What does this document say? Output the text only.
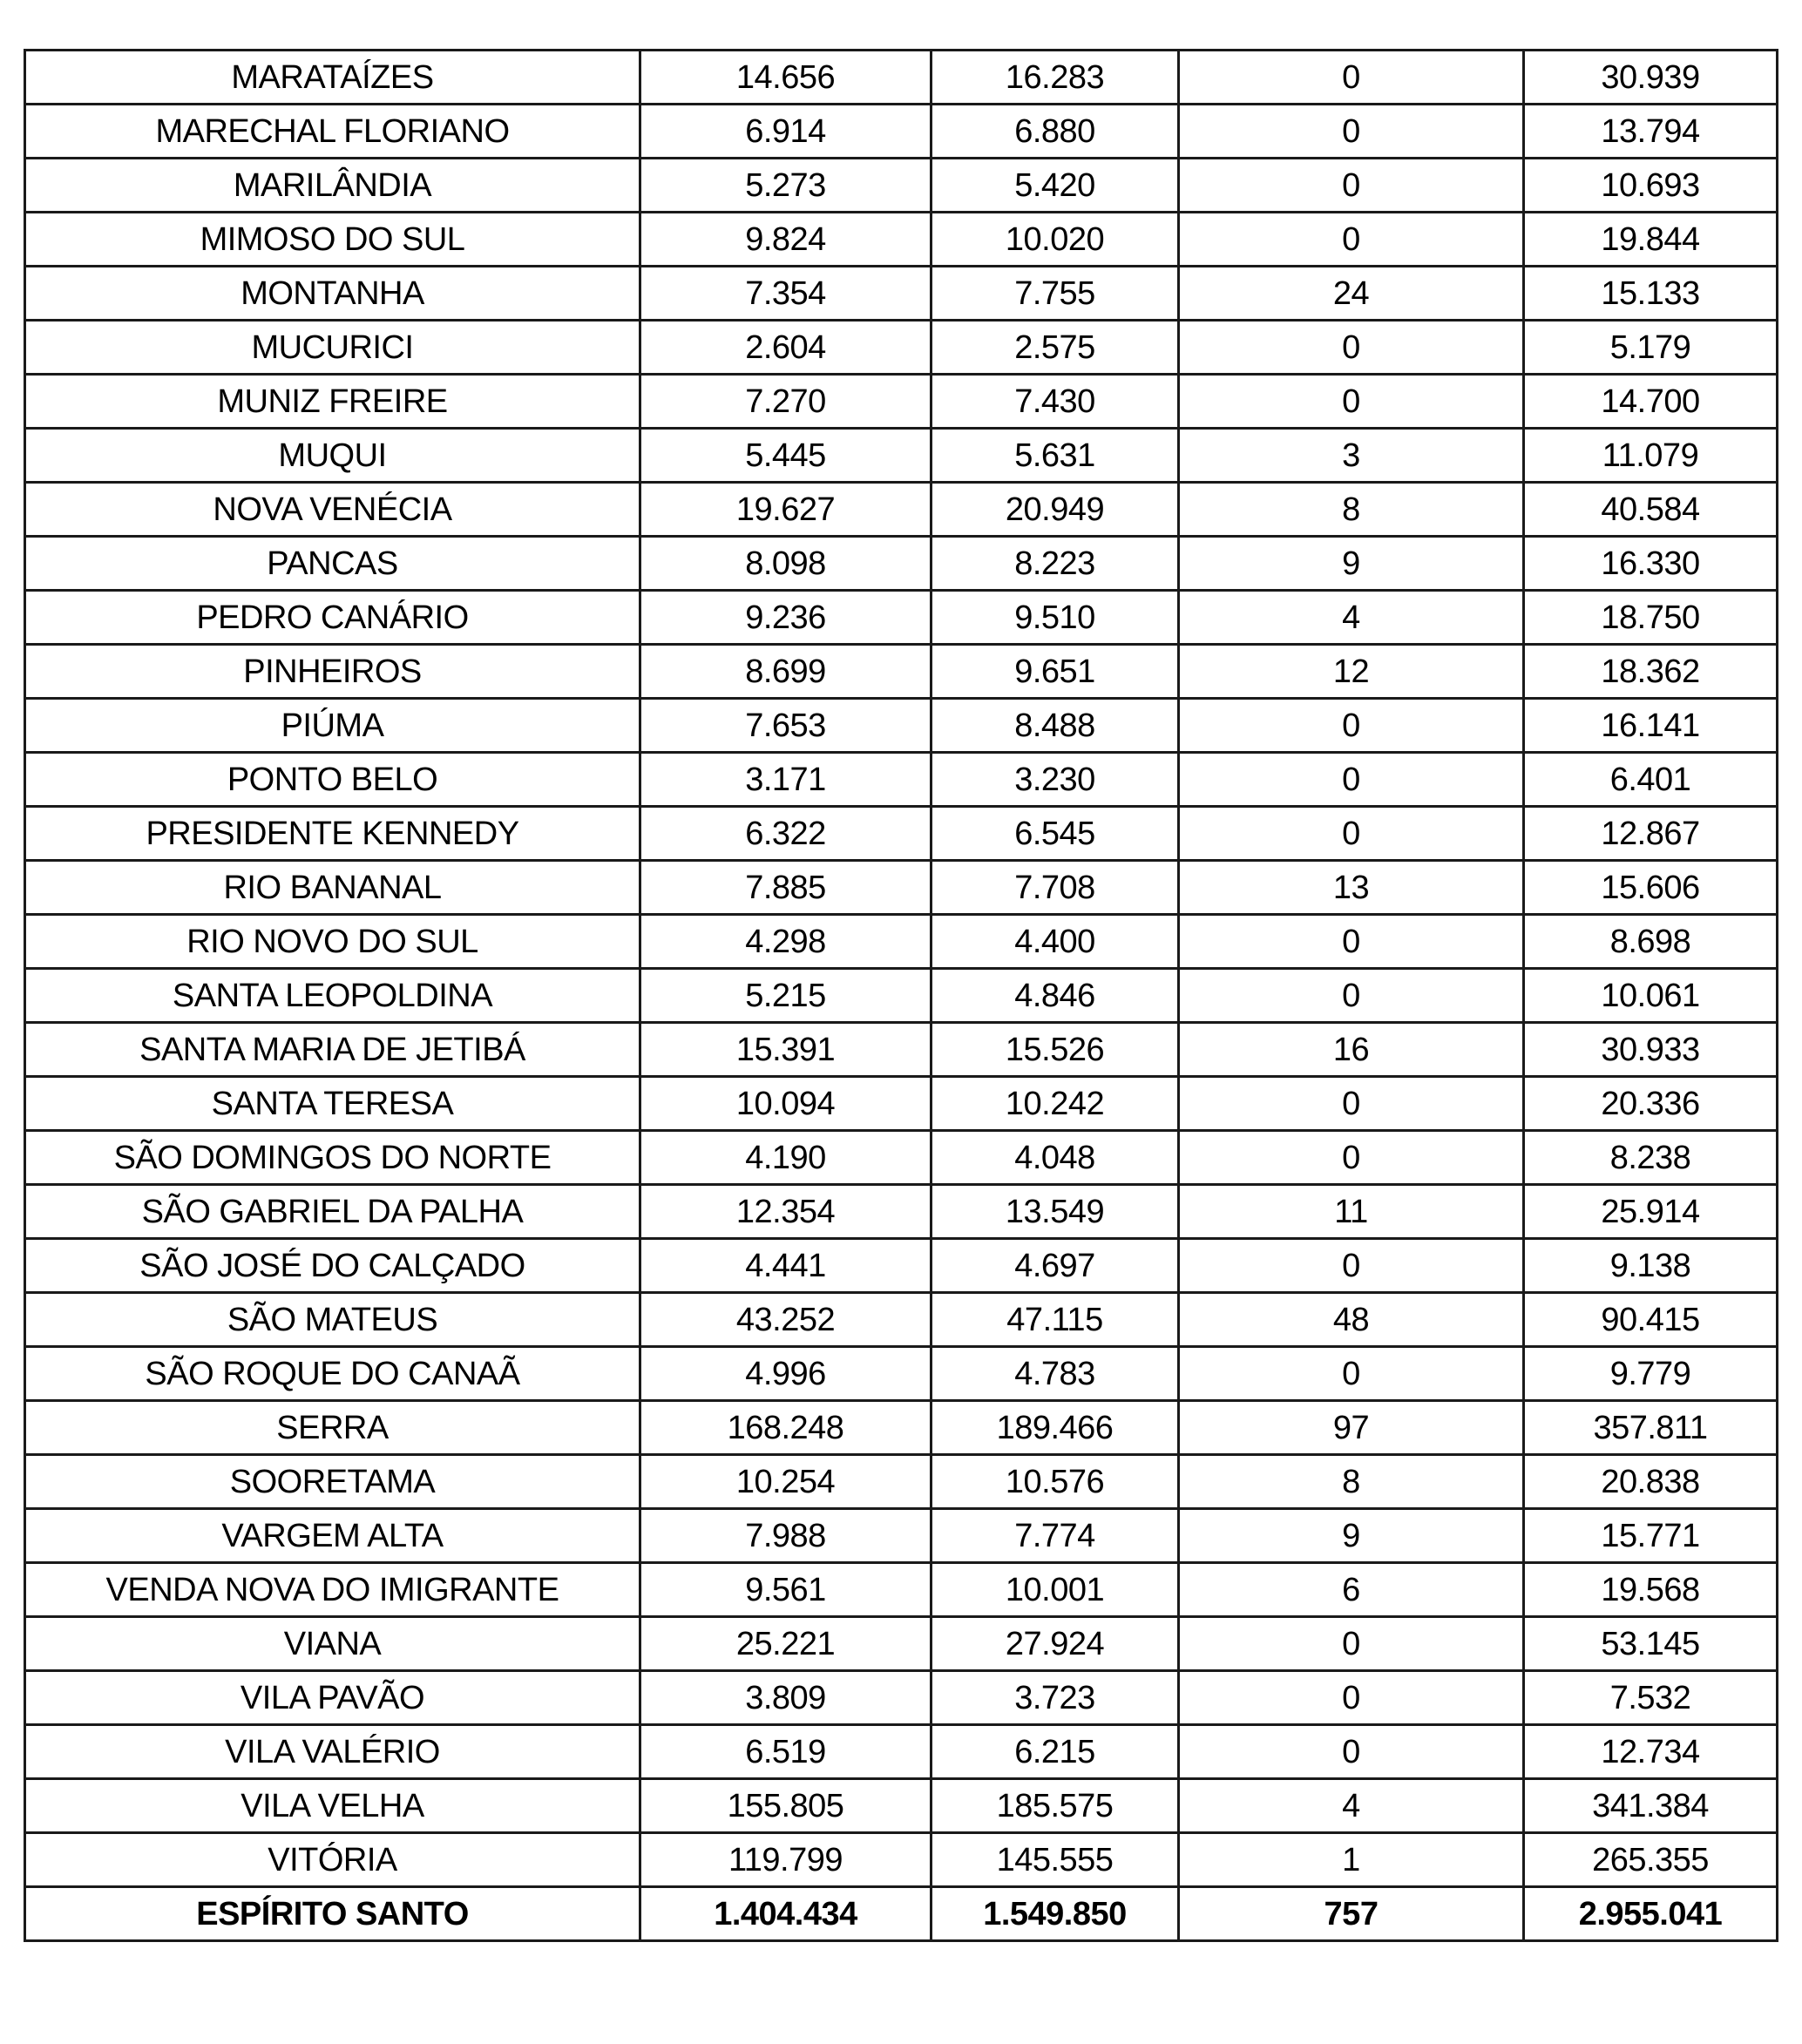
MARATAÍZES	14.656	16.283	0	30.939
MARECHAL FLORIANO	6.914	6.880	0	13.794
MARILÂNDIA	5.273	5.420	0	10.693
MIMOSO DO SUL	9.824	10.020	0	19.844
MONTANHA	7.354	7.755	24	15.133
MUCURICI	2.604	2.575	0	5.179
MUNIZ FREIRE	7.270	7.430	0	14.700
MUQUI	5.445	5.631	3	11.079
NOVA VENÉCIA	19.627	20.949	8	40.584
PANCAS	8.098	8.223	9	16.330
PEDRO CANÁRIO	9.236	9.510	4	18.750
PINHEIROS	8.699	9.651	12	18.362
PIÚMA	7.653	8.488	0	16.141
PONTO BELO	3.171	3.230	0	6.401
PRESIDENTE KENNEDY	6.322	6.545	0	12.867
RIO BANANAL	7.885	7.708	13	15.606
RIO NOVO DO SUL	4.298	4.400	0	8.698
SANTA LEOPOLDINA	5.215	4.846	0	10.061
SANTA MARIA DE JETIBÁ	15.391	15.526	16	30.933
SANTA TERESA	10.094	10.242	0	20.336
SÃO DOMINGOS DO NORTE	4.190	4.048	0	8.238
SÃO GABRIEL DA PALHA	12.354	13.549	11	25.914
SÃO JOSÉ DO CALÇADO	4.441	4.697	0	9.138
SÃO MATEUS	43.252	47.115	48	90.415
SÃO ROQUE DO CANAÃ	4.996	4.783	0	9.779
SERRA	168.248	189.466	97	357.811
SOORETAMA	10.254	10.576	8	20.838
VARGEM ALTA	7.988	7.774	9	15.771
VENDA NOVA DO IMIGRANTE	9.561	10.001	6	19.568
VIANA	25.221	27.924	0	53.145
VILA PAVÃO	3.809	3.723	0	7.532
VILA VALÉRIO	6.519	6.215	0	12.734
VILA VELHA	155.805	185.575	4	341.384
VITÓRIA	119.799	145.555	1	265.355
ESPÍRITO SANTO	1.404.434	1.549.850	757	2.955.041
